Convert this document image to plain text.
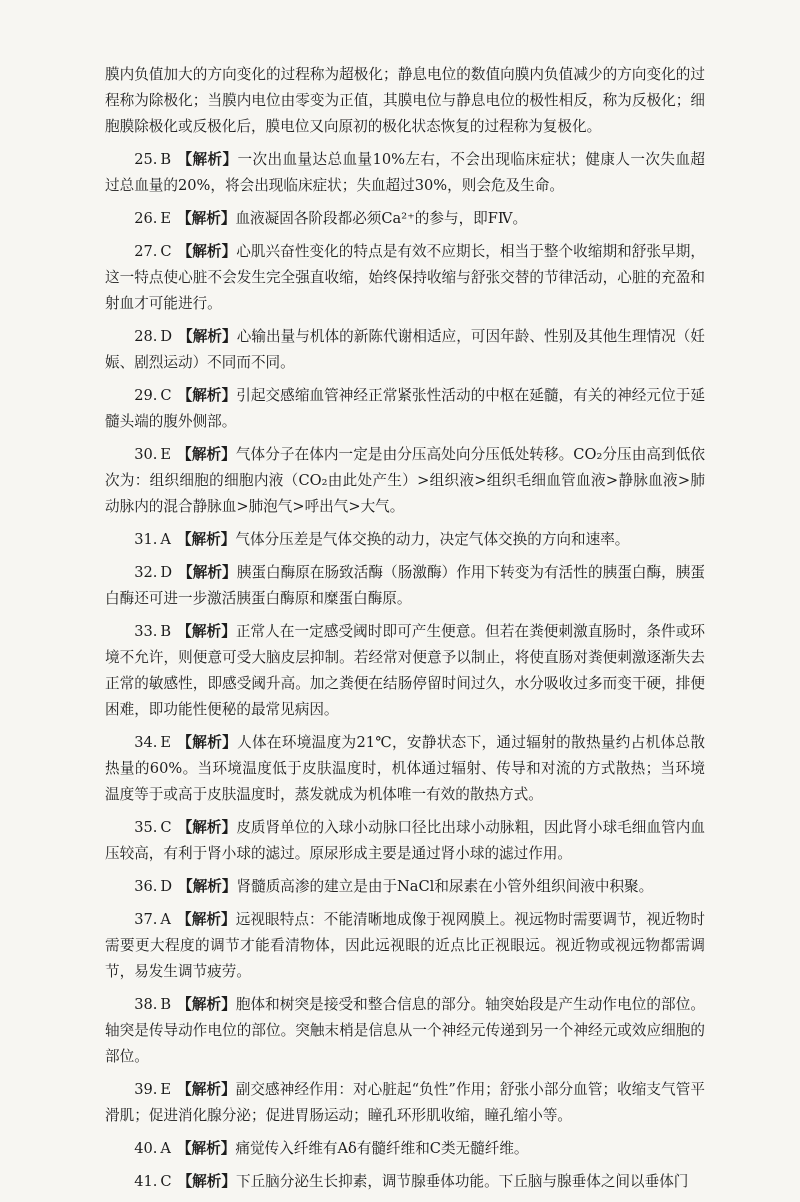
膜内负值加大的方向变化的过程称为超极化；静息电位的数值向膜内负值减少的方向变化的过程称为除极化；当膜内电位由零变为正值，其膜电位与静息电位的极性相反，称为反极化；细胞膜除极化或反极化后，膜电位又向原初的极化状态恢复的过程称为复极化。

25. B 【解析】一次出血量达总血量10%左右，不会出现临床症状；健康人一次失血超过总血量的20%，将会出现临床症状；失血超过30%，则会危及生命。

26. E 【解析】血液凝固各阶段都必须Ca²⁺的参与，即FⅣ。

27. C 【解析】心肌兴奋性变化的特点是有效不应期长，相当于整个收缩期和舒张早期，这一特点使心脏不会发生完全强直收缩，始终保持收缩与舒张交替的节律活动，心脏的充盈和射血才可能进行。

28. D 【解析】心输出量与机体的新陈代谢相适应，可因年龄、性别及其他生理情况（妊娠、剧烈运动）不同而不同。

29. C 【解析】引起交感缩血管神经正常紧张性活动的中枢在延髓，有关的神经元位于延髓头端的腹外侧部。

30. E 【解析】气体分子在体内一定是由分压高处向分压低处转移。CO₂分压由高到低依次为：组织细胞的细胞内液（CO₂由此处产生）>组织液>组织毛细血管血液>静脉血液>肺动脉内的混合静脉血>肺泡气>呼出气>大气。

31. A 【解析】气体分压差是气体交换的动力，决定气体交换的方向和速率。

32. D 【解析】胰蛋白酶原在肠致活酶（肠激酶）作用下转变为有活性的胰蛋白酶，胰蛋白酶还可进一步激活胰蛋白酶原和糜蛋白酶原。

33. B 【解析】正常人在一定感受阈时即可产生便意。但若在粪便刺激直肠时，条件或环境不允许，则便意可受大脑皮层抑制。若经常对便意予以制止，将使直肠对粪便刺激逐渐失去正常的敏感性，即感受阈升高。加之粪便在结肠停留时间过久，水分吸收过多而变干硬，排便困难，即功能性便秘的最常见病因。

34. E 【解析】人体在环境温度为21℃，安静状态下，通过辐射的散热量约占机体总散热量的60%。当环境温度低于皮肤温度时，机体通过辐射、传导和对流的方式散热；当环境温度等于或高于皮肤温度时，蒸发就成为机体唯一有效的散热方式。

35. C 【解析】皮质肾单位的入球小动脉口径比出球小动脉粗，因此肾小球毛细血管内血压较高，有利于肾小球的滤过。原尿形成主要是通过肾小球的滤过作用。

36. D 【解析】肾髓质高渗的建立是由于NaCl和尿素在小管外组织间液中积聚。

37. A 【解析】远视眼特点：不能清晰地成像于视网膜上。视远物时需要调节，视近物时需要更大程度的调节才能看清物体，因此远视眼的近点比正视眼远。视近物或视远物都需调节，易发生调节疲劳。

38. B 【解析】胞体和树突是接受和整合信息的部分。轴突始段是产生动作电位的部位。轴突是传导动作电位的部位。突触末梢是信息从一个神经元传递到另一个神经元或效应细胞的部位。

39. E 【解析】副交感神经作用：对心脏起“负性”作用；舒张小部分血管；收缩支气管平滑肌；促进消化腺分泌；促进胃肠运动；瞳孔环形肌收缩，瞳孔缩小等。

40. A 【解析】痛觉传入纤维有Aδ有髓纤维和C类无髓纤维。

41. C 【解析】下丘脑分泌生长抑素，调节腺垂体功能。下丘脑与腺垂体之间以垂体门
